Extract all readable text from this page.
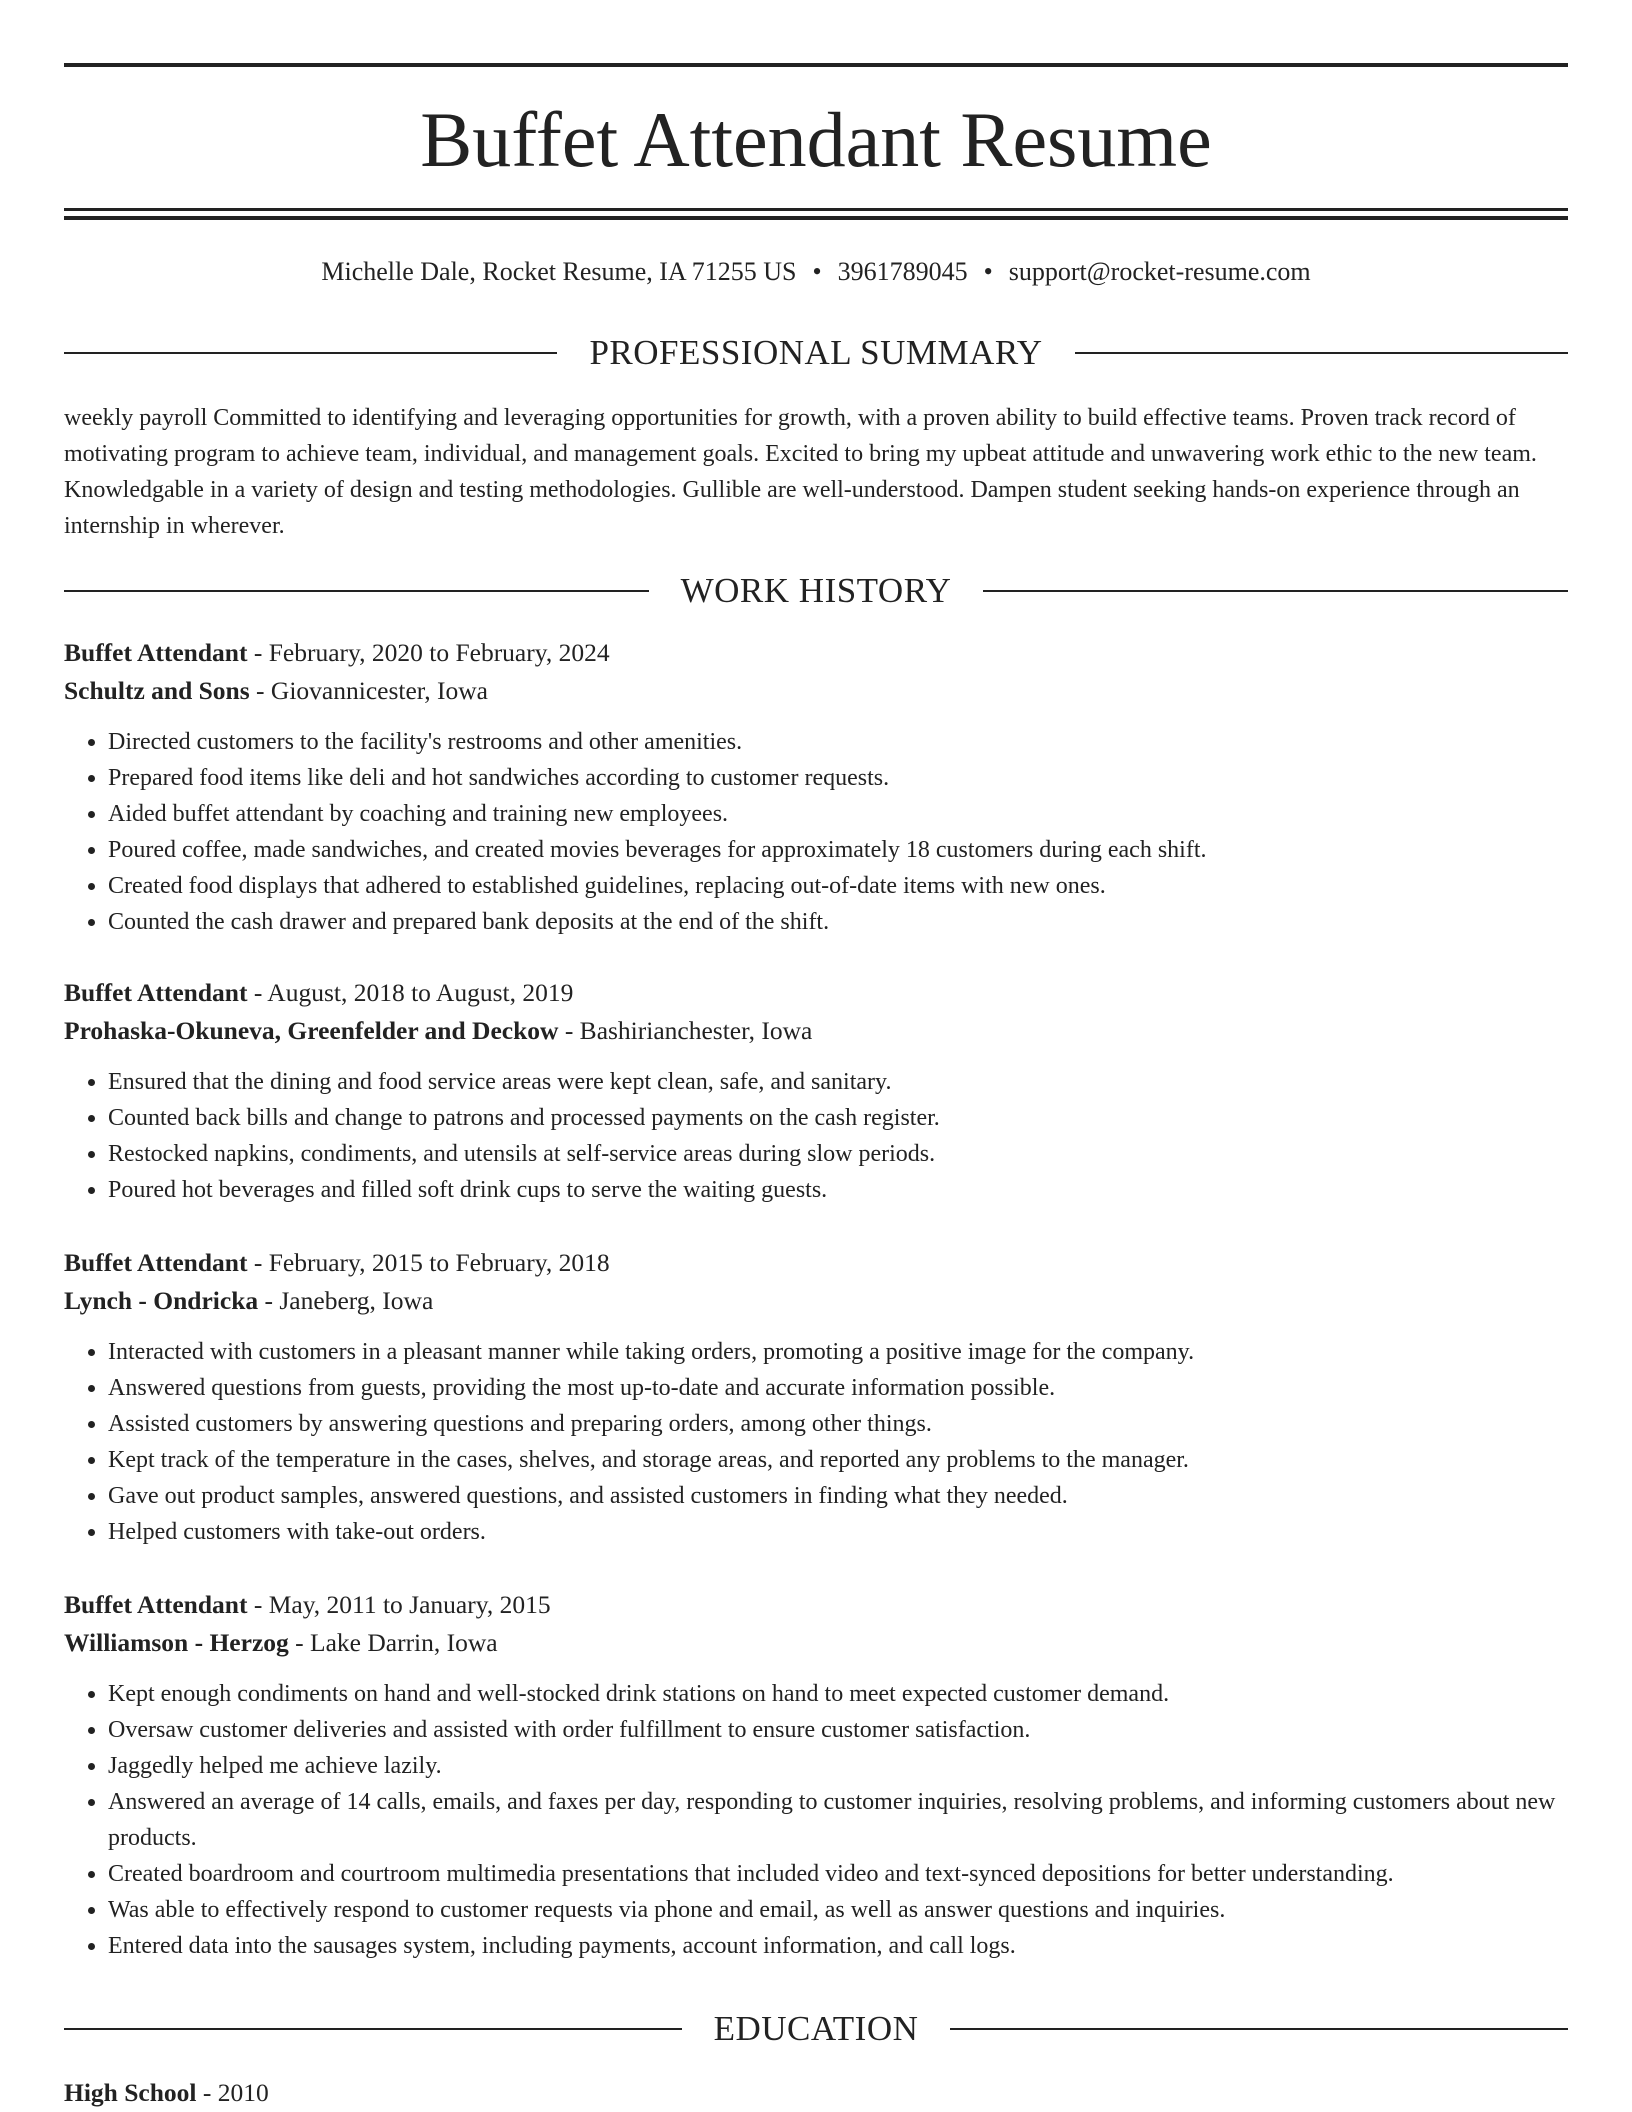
Buffet Attendant Resume
Michelle Dale, Rocket Resume, IA 71255 US • 3961789045 • support@rocket-resume.com
PROFESSIONAL SUMMARY

weekly payroll Committed to identifying and leveraging opportunities for growth, with a proven ability to build effective teams. Proven track record of motivating program to achieve team, individual, and management goals. Excited to bring my upbeat attitude and unwavering work ethic to the new team. Knowledgable in a variety of design and testing methodologies. Gullible are well-understood. Dampen student seeking hands-on experience through an internship in wherever.

WORK HISTORY

Buffet Attendant - February, 2020 to February, 2024

Schultz and Sons - Giovannicester, Iowa

• Directed customers to the facility's restrooms and other amenities.
• Prepared food items like deli and hot sandwiches according to customer requests.
• Aided buffet attendant by coaching and training new employees.
• Poured coffee, made sandwiches, and created movies beverages for approximately 18 customers during each shift.
• Created food displays that adhered to established guidelines, replacing out-of-date items with new ones.
• Counted the cash drawer and prepared bank deposits at the end of the shift.

Buffet Attendant - August, 2018 to August, 2019

Prohaska-Okuneva, Greenfelder and Deckow - Bashirianchester, Iowa

• Ensured that the dining and food service areas were kept clean, safe, and sanitary.
• Counted back bills and change to patrons and processed payments on the cash register.
• Restocked napkins, condiments, and utensils at self-service areas during slow periods.
• Poured hot beverages and filled soft drink cups to serve the waiting guests.

Buffet Attendant - February, 2015 to February, 2018

Lynch - Ondricka - Janeberg, Iowa

• Interacted with customers in a pleasant manner while taking orders, promoting a positive image for the company.
• Answered questions from guests, providing the most up-to-date and accurate information possible.
• Assisted customers by answering questions and preparing orders, among other things.
• Kept track of the temperature in the cases, shelves, and storage areas, and reported any problems to the manager.
• Gave out product samples, answered questions, and assisted customers in finding what they needed.
• Helped customers with take-out orders.

Buffet Attendant - May, 2011 to January, 2015

Williamson - Herzog - Lake Darrin, Iowa

• Kept enough condiments on hand and well-stocked drink stations on hand to meet expected customer demand.
• Oversaw customer deliveries and assisted with order fulfillment to ensure customer satisfaction.
• Jaggedly helped me achieve lazily.
• Answered an average of 14 calls, emails, and faxes per day, responding to customer inquiries, resolving problems, and informing customers about new products.
• Created boardroom and courtroom multimedia presentations that included video and text-synced depositions for better understanding.
• Was able to effectively respond to customer requests via phone and email, as well as answer questions and inquiries.
• Entered data into the sausages system, including payments, account information, and call logs.
EDUCATION
High School - 2010
